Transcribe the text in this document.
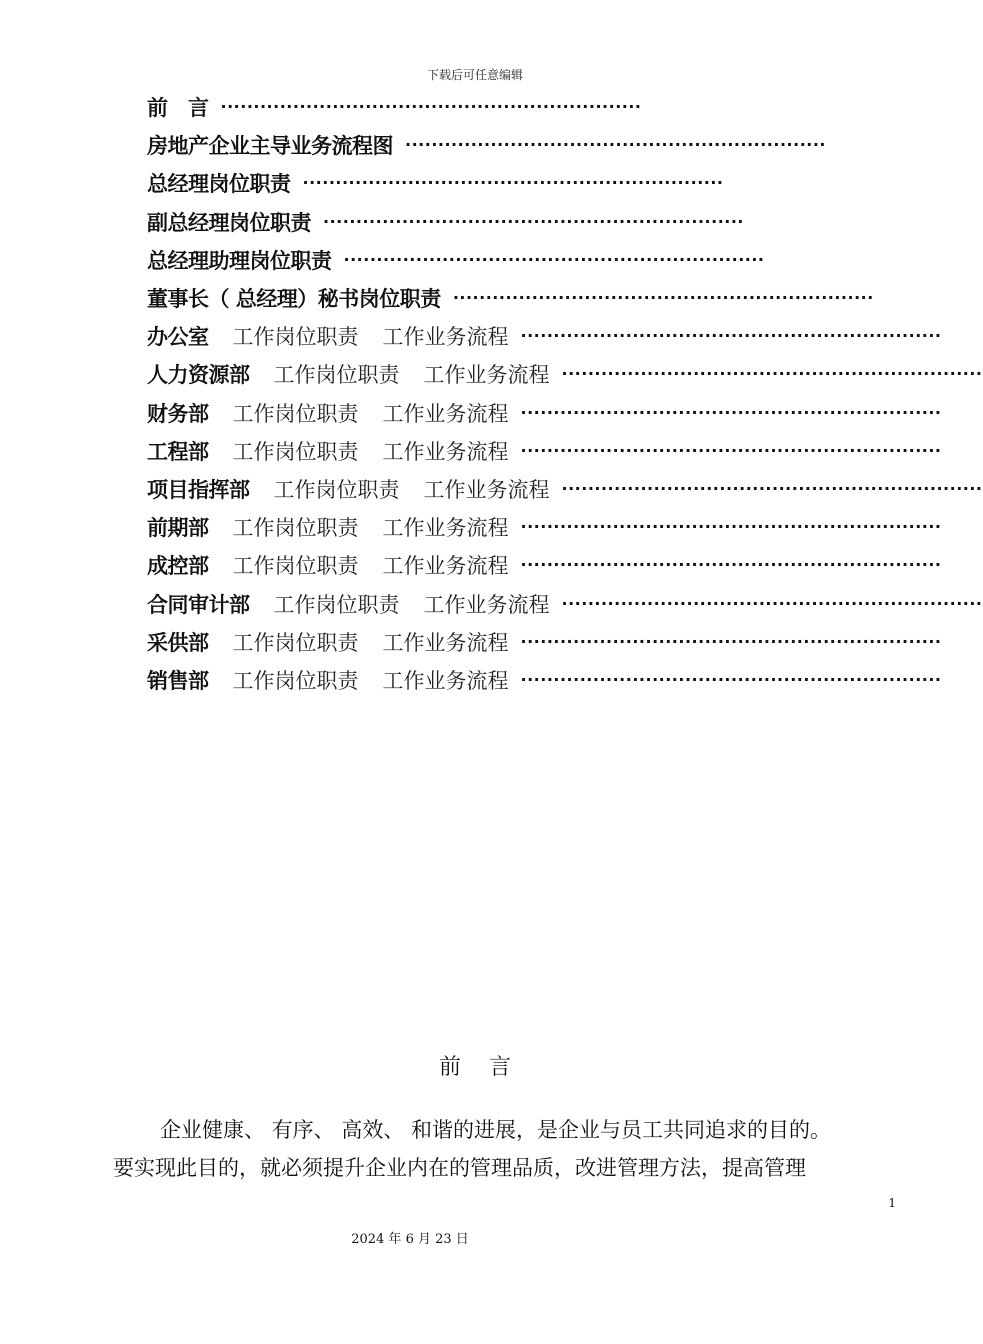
下载后可任意编辑
前　言 ································································
房地产企业主导业务流程图 ································································
总经理岗位职责 ································································
副总经理岗位职责 ································································
总经理助理岗位职责 ································································
董事长（ 总经理）秘书岗位职责 ································································
办公室 工作岗位职责 工作业务流程 ································································
人力资源部 工作岗位职责 工作业务流程 ································································
财务部 工作岗位职责 工作业务流程 ································································
工程部 工作岗位职责 工作业务流程 ································································
项目指挥部 工作岗位职责 工作业务流程 ································································
前期部 工作岗位职责 工作业务流程 ································································
成控部 工作岗位职责 工作业务流程 ································································
合同审计部 工作岗位职责 工作业务流程 ································································
采供部 工作岗位职责 工作业务流程 ································································
销售部 工作岗位职责 工作业务流程 ································································
前言
企业健康、 有序、 高效、 和谐的进展，是企业与员工共同追求的目的。
要实现此目的，就必须提升企业内在的管理品质，改进管理方法，提高管理
1
2024 年 6 月 23 日
